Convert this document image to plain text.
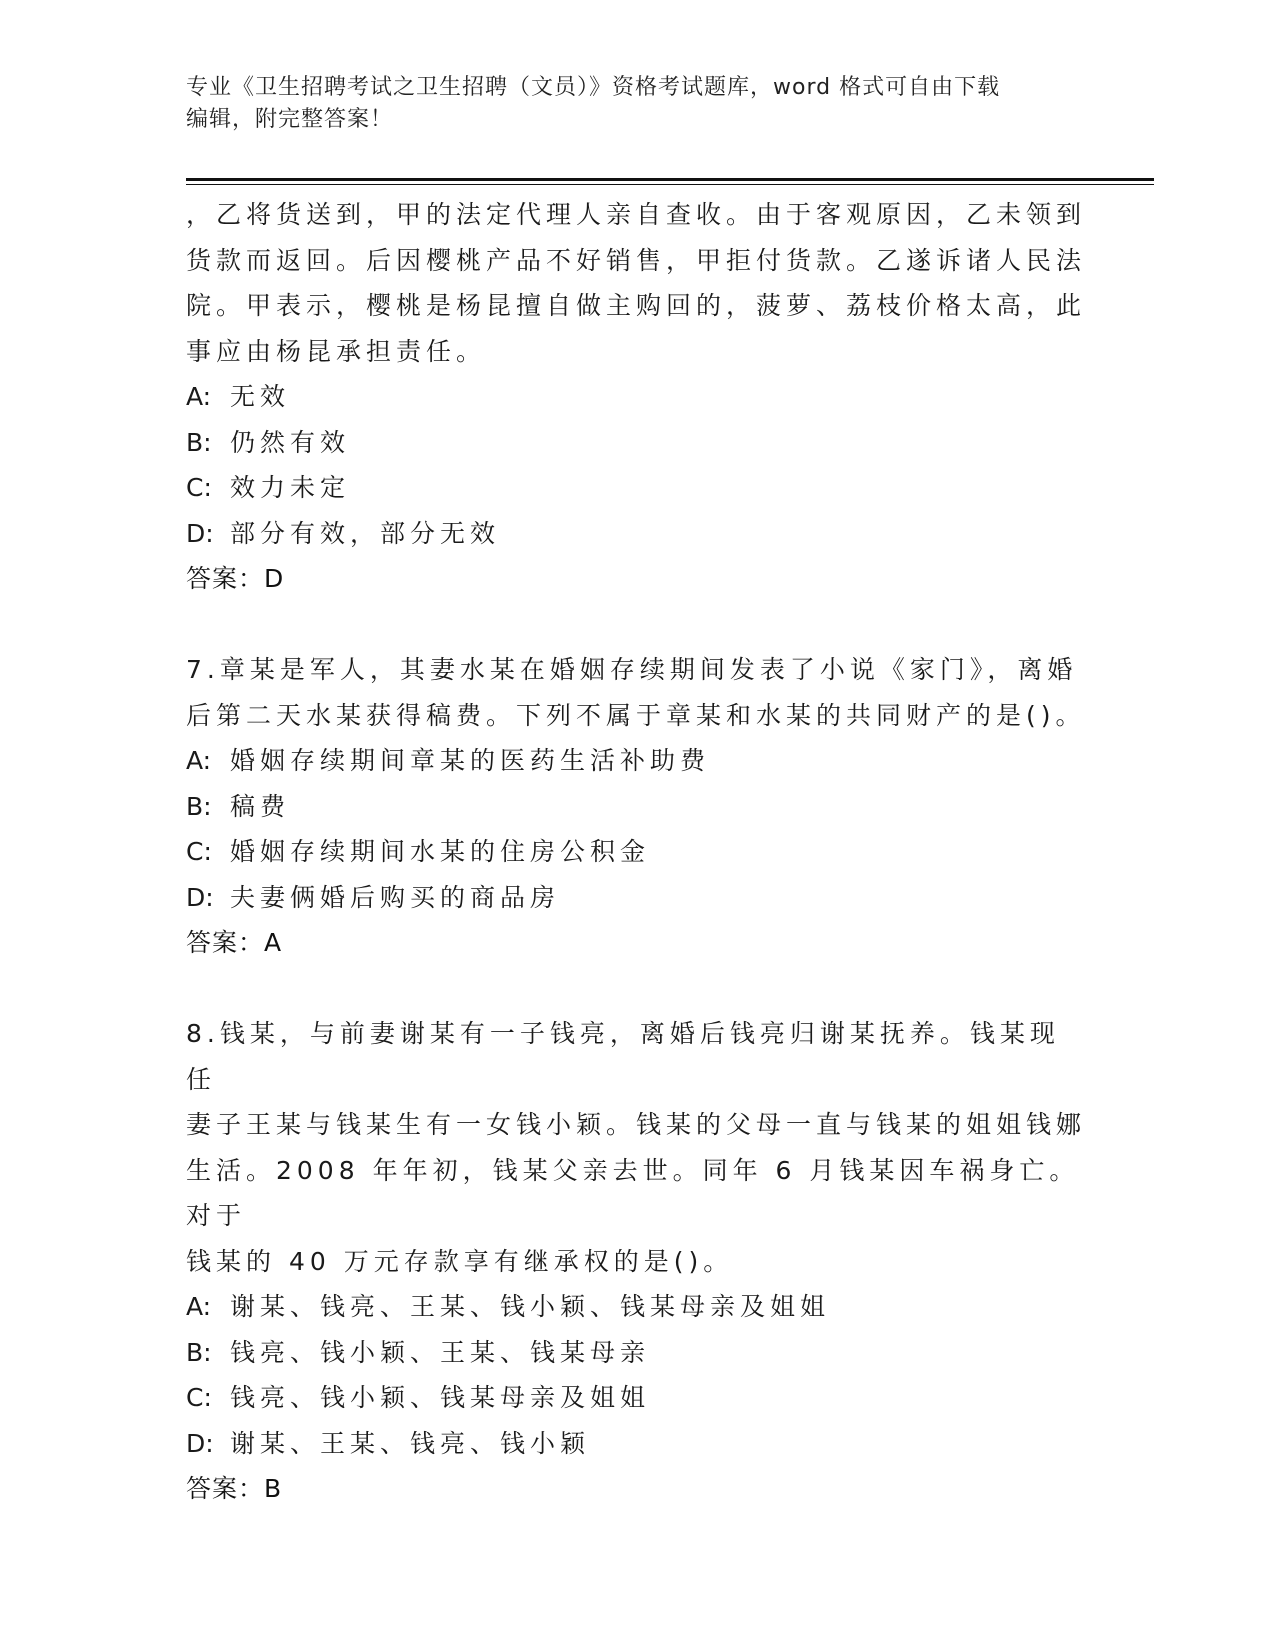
专业《卫生招聘考试之卫生招聘（文员）》资格考试题库，word 格式可自由下载
编辑，附完整答案！

，乙将货送到，甲的法定代理人亲自查收。由于客观原因，乙未领到

货款而返回。后因樱桃产品不好销售，甲拒付货款。乙遂诉诸人民法

院。甲表示，樱桃是杨昆擅自做主购回的，菠萝、荔枝价格太高，此

事应由杨昆承担责任。

A: 无效

B: 仍然有效

C: 效力未定

D: 部分有效，部分无效

答案：D

7.章某是军人，其妻水某在婚姻存续期间发表了小说《家门》，离婚

后第二天水某获得稿费。下列不属于章某和水某的共同财产的是()。

A: 婚姻存续期间章某的医药生活补助费

B: 稿费

C: 婚姻存续期间水某的住房公积金

D: 夫妻俩婚后购买的商品房

答案：A

8.钱某，与前妻谢某有一子钱亮，离婚后钱亮归谢某抚养。钱某现任

妻子王某与钱某生有一女钱小颖。钱某的父母一直与钱某的姐姐钱娜

生活。2008 年年初，钱某父亲去世。同年 6 月钱某因车祸身亡。对于

钱某的 40 万元存款享有继承权的是()。

A: 谢某、钱亮、王某、钱小颖、钱某母亲及姐姐

B: 钱亮、钱小颖、王某、钱某母亲

C: 钱亮、钱小颖、钱某母亲及姐姐

D: 谢某、王某、钱亮、钱小颖

答案：B
